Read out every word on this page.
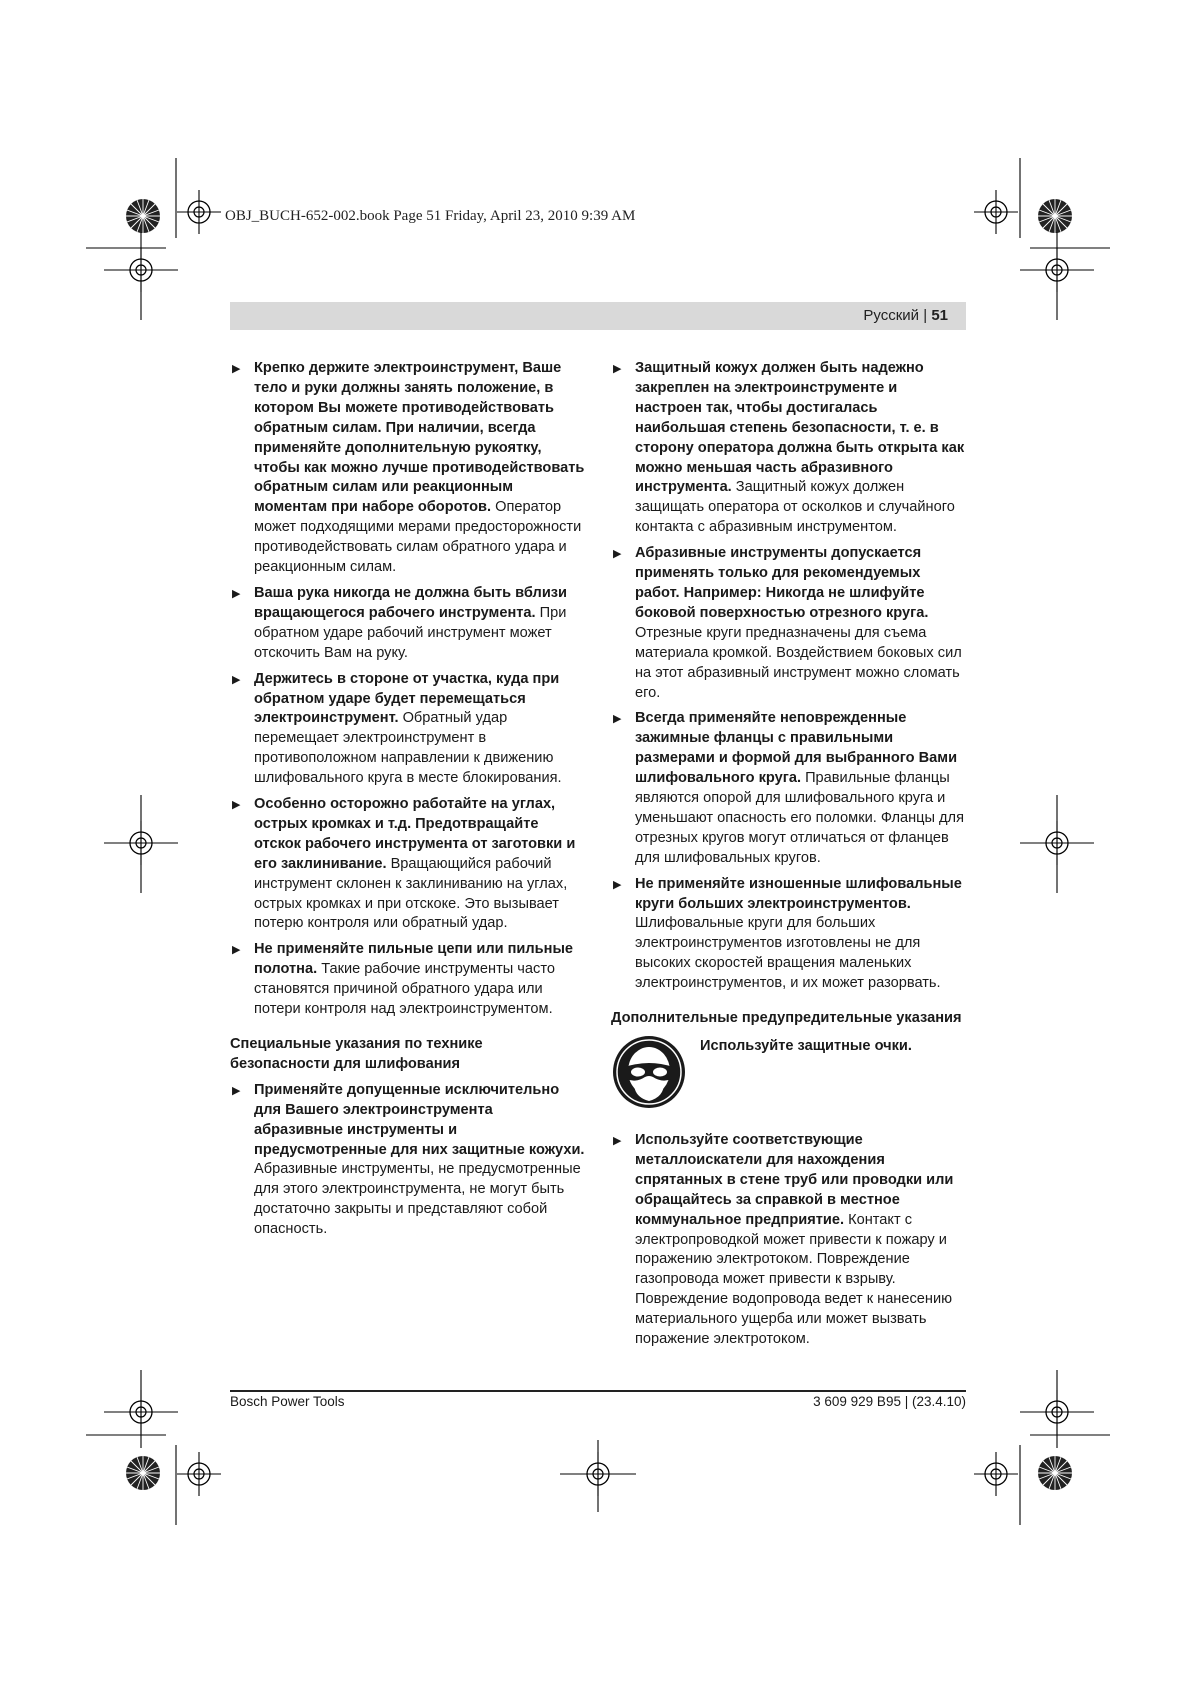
OBJ_BUCH-652-002.book Page 51 Friday, April 23, 2010 9:39 AM
Русский | 51
▶ Крепко держите электроинструмент, Ваше тело и руки должны занять положение, в котором Вы можете противодействовать обратным силам. При наличии, всегда применяйте дополнительную рукоятку, чтобы как можно лучше противодействовать обратным силам или реакционным моментам при наборе оборотов. Оператор может подходящими мерами предосторожности противодействовать силам обратного удара и реакционным силам.
▶ Ваша рука никогда не должна быть вблизи вращающегося рабочего инструмента. При обратном ударе рабочий инструмент может отскочить Вам на руку.
▶ Держитесь в стороне от участка, куда при обратном ударе будет перемещаться электроинструмент. Обратный удар перемещает электроинструмент в противоположном направлении к движению шлифовального круга в месте блокирования.
▶ Особенно осторожно работайте на углах, острых кромках и т.д. Предотвращайте отскок рабочего инструмента от заготовки и его заклинивание. Вращающийся рабочий инструмент склонен к заклиниванию на углах, острых кромках и при отскоке. Это вызывает потерю контроля или обратный удар.
▶ Не применяйте пильные цепи или пильные полотна. Такие рабочие инструменты часто становятся причиной обратного удара или потери контроля над электроинструментом.
Специальные указания по технике безопасности для шлифования
▶ Применяйте допущенные исключительно для Вашего электроинструмента абразивные инструменты и предусмотренные для них защитные кожухи. Абразивные инструменты, не предусмотренные для этого электроинструмента, не могут быть достаточно закрыты и представляют собой опасность.
▶ Защитный кожух должен быть надежно закреплен на электроинструменте и настроен так, чтобы достигалась наибольшая степень безопасности, т. е. в сторону оператора должна быть открыта как можно меньшая часть абразивного инструмента. Защитный кожух должен защищать оператора от осколков и случайного контакта с абразивным инструментом.
▶ Абразивные инструменты допускается применять только для рекомендуемых работ. Например: Никогда не шлифуйте боковой поверхностью отрезного круга. Отрезные круги предназначены для съема материала кромкой. Воздействием боковых сил на этот абразивный инструмент можно сломать его.
▶ Всегда применяйте неповрежденные зажимные фланцы с правильными размерами и формой для выбранного Вами шлифовального круга. Правильные фланцы являются опорой для шлифовального круга и уменьшают опасность его поломки. Фланцы для отрезных кругов могут отличаться от фланцев для шлифовальных кругов.
▶ Не применяйте изношенные шлифовальные круги больших электроинструментов. Шлифовальные круги для больших электроинструментов изготовлены не для высоких скоростей вращения маленьких электроинструментов, и их может разорвать.
Дополнительные предупредительные указания
Используйте защитные очки.
▶ Используйте соответствующие металлоискатели для нахождения спрятанных в стене труб или проводки или обращайтесь за справкой в местное коммунальное предприятие. Контакт с электропроводкой может привести к пожару и поражению электротоком. Повреждение газопровода может привести к взрыву. Повреждение водопровода ведет к нанесению материального ущерба или может вызвать поражение электротоком.
Bosch Power Tools	3 609 929 B95 | (23.4.10)
